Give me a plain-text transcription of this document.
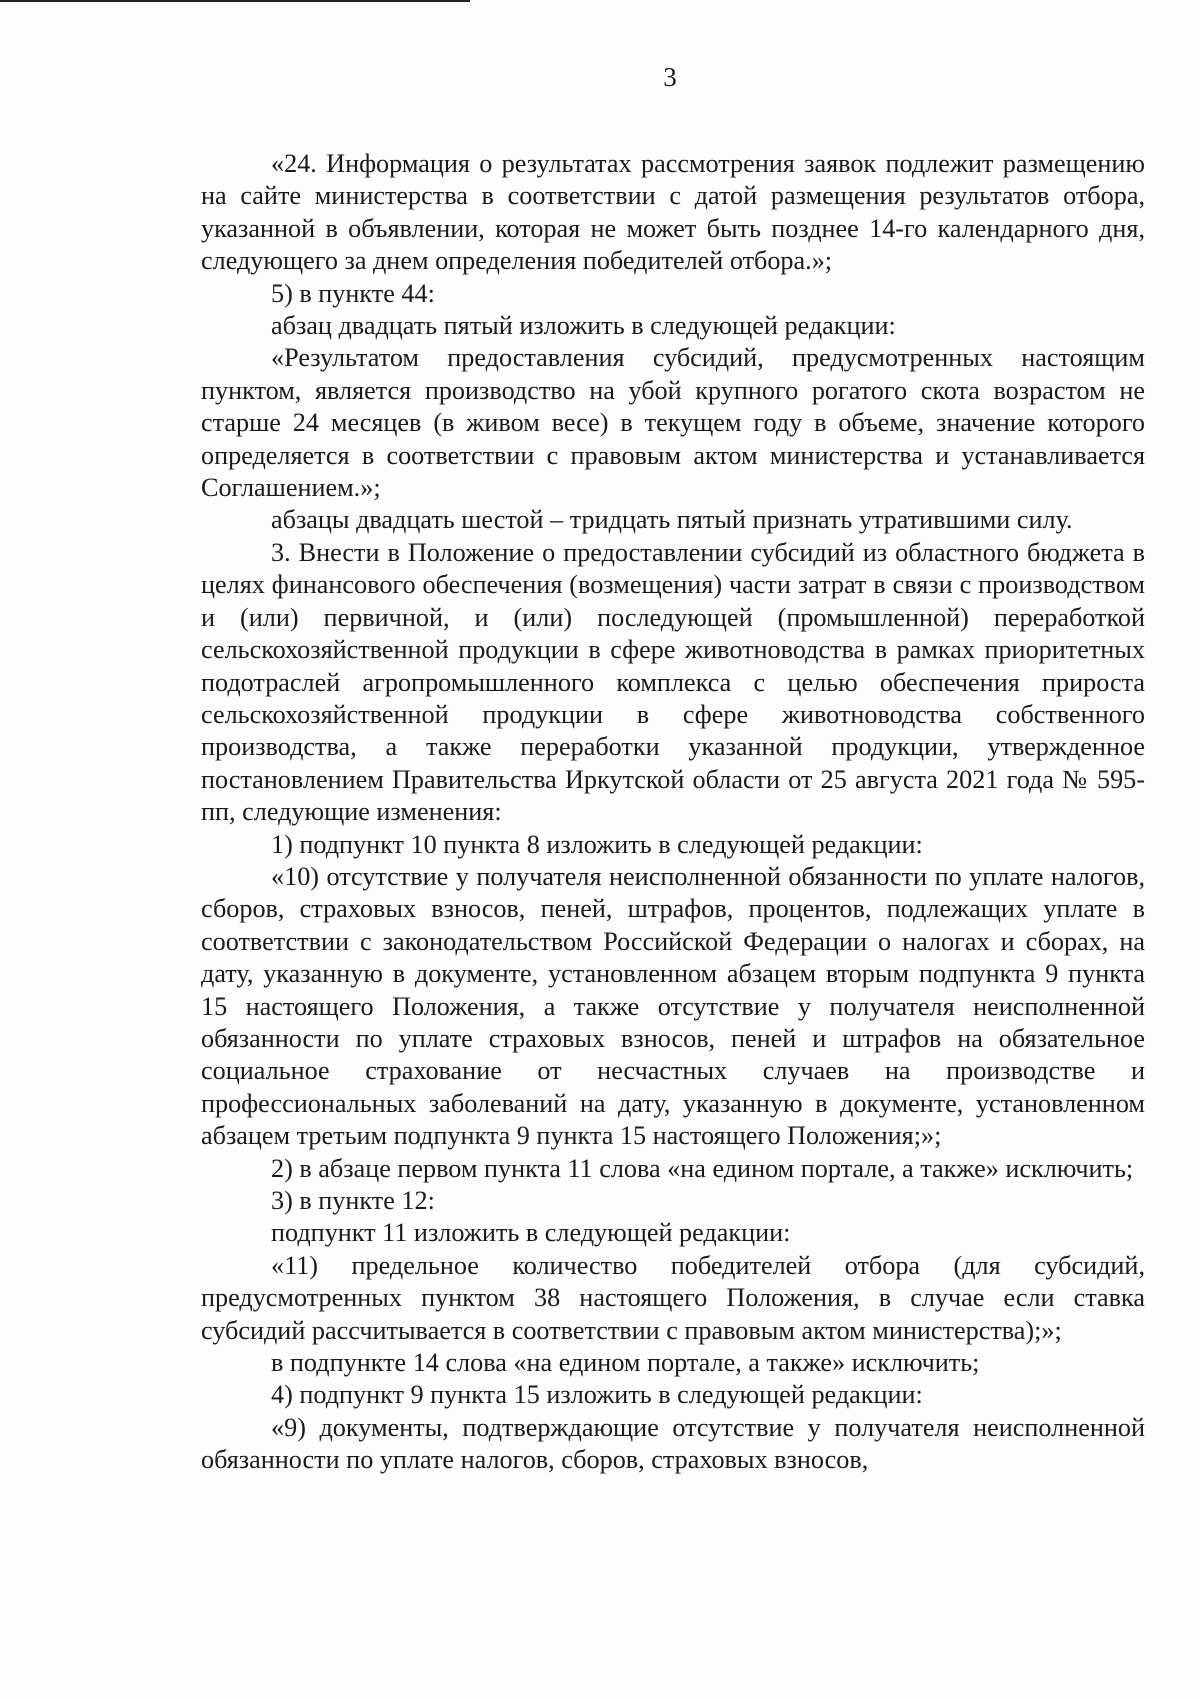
3

«24. Информация о результатах рассмотрения заявок подлежит размещению на сайте министерства в соответствии с датой размещения результатов отбора, указанной в объявлении, которая не может быть позднее 14-го календарного дня, следующего за днем определения победителей отбора.»;

5) в пункте 44:

абзац двадцать пятый изложить в следующей редакции:

«Результатом предоставления субсидий, предусмотренных настоящим пунктом, является производство на убой крупного рогатого скота возрастом не старше 24 месяцев (в живом весе) в текущем году в объеме, значение которого определяется в соответствии с правовым актом министерства и устанавливается Соглашением.»;

абзацы двадцать шестой – тридцать пятый признать утратившими силу.

3. Внести в Положение о предоставлении субсидий из областного бюджета в целях финансового обеспечения (возмещения) части затрат в связи с производством и (или) первичной, и (или) последующей (промышленной) переработкой сельскохозяйственной продукции в сфере животноводства в рамках приоритетных подотраслей агропромышленного комплекса с целью обеспечения прироста сельскохозяйственной продукции в сфере животноводства собственного производства, а также переработки указанной продукции, утвержденное постановлением Правительства Иркутской области от 25 августа 2021 года № 595-пп, следующие изменения:

1) подпункт 10 пункта 8 изложить в следующей редакции:

«10) отсутствие у получателя неисполненной обязанности по уплате налогов, сборов, страховых взносов, пеней, штрафов, процентов, подлежащих уплате в соответствии с законодательством Российской Федерации о налогах и сборах, на дату, указанную в документе, установленном абзацем вторым подпункта 9 пункта 15 настоящего Положения, а также отсутствие у получателя неисполненной обязанности по уплате страховых взносов, пеней и штрафов на обязательное социальное страхование от несчастных случаев на производстве и профессиональных заболеваний на дату, указанную в документе, установленном абзацем третьим подпункта 9 пункта 15 настоящего Положения;»;

2) в абзаце первом пункта 11 слова «на едином портале, а также» исключить;

3) в пункте 12:

подпункт 11 изложить в следующей редакции:

«11) предельное количество победителей отбора (для субсидий, предусмотренных пунктом 38 настоящего Положения, в случае если ставка субсидий рассчитывается в соответствии с правовым актом министерства);»;

в подпункте 14 слова «на едином портале, а также» исключить;

4) подпункт 9 пункта 15 изложить в следующей редакции:

«9) документы, подтверждающие отсутствие у получателя неисполненной обязанности по уплате налогов, сборов, страховых взносов,
